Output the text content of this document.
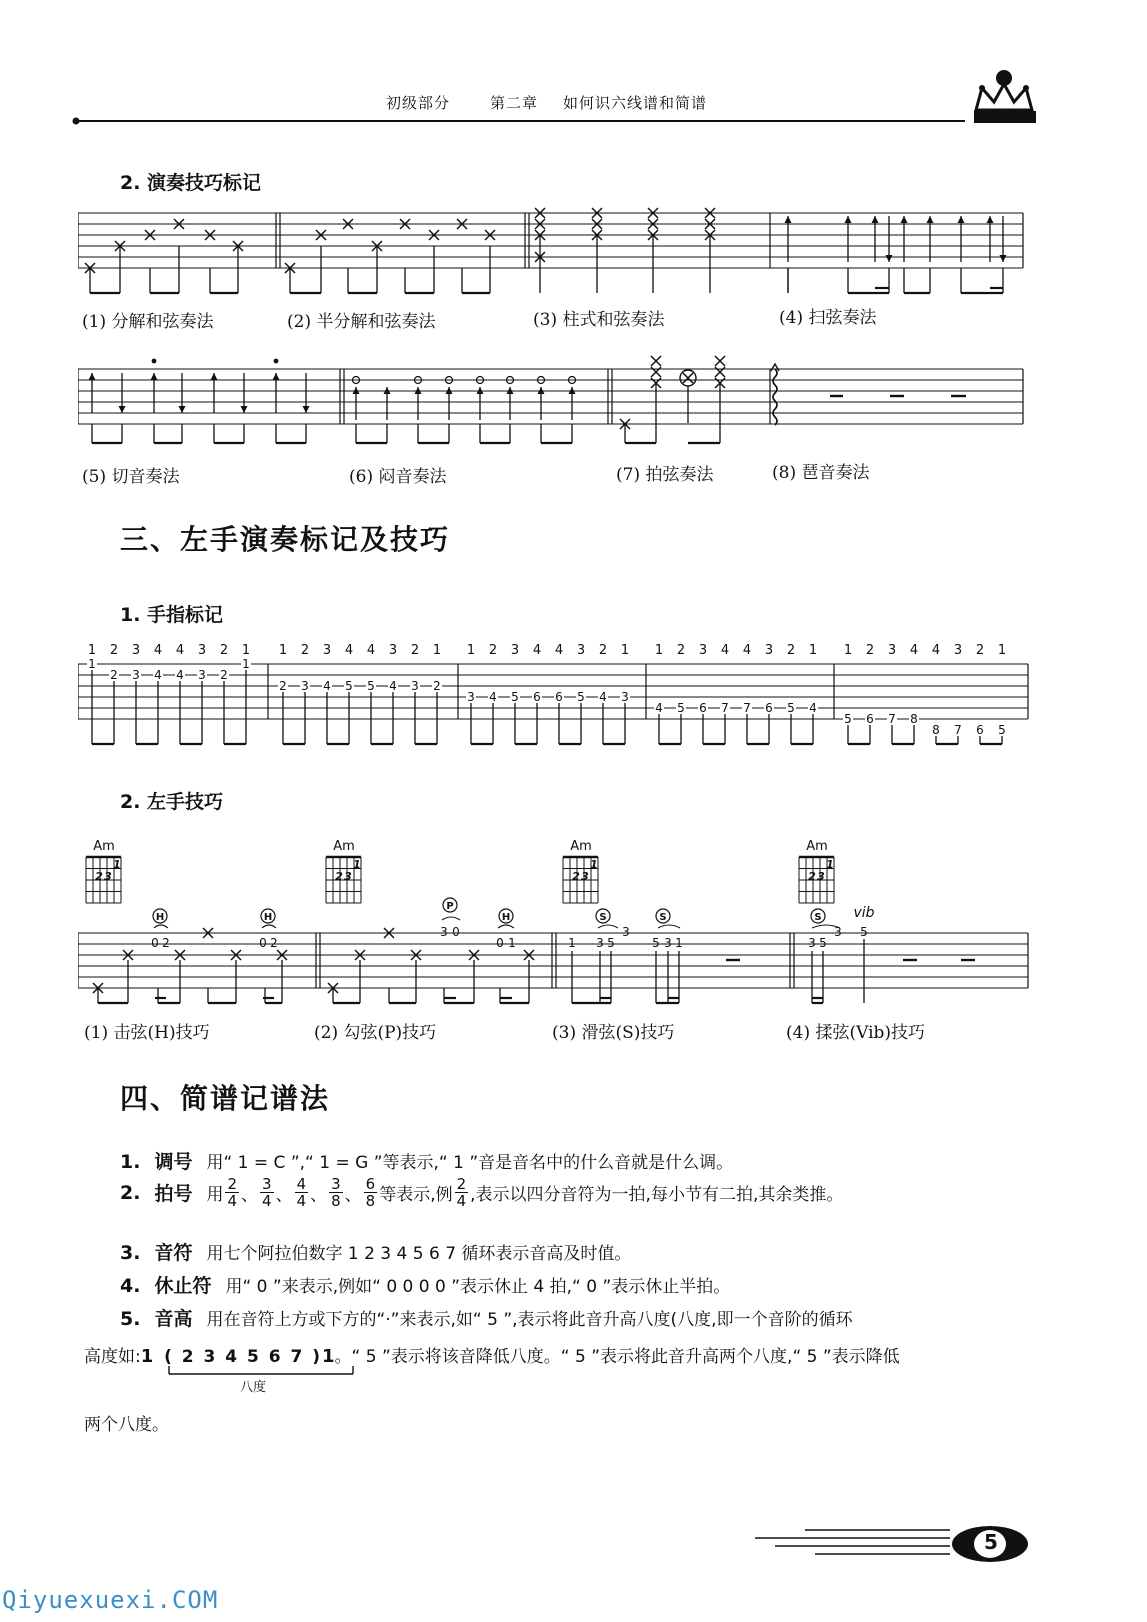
初级部分	第二章 如何识六线谱和简谱
2. 演奏技巧标记
(1) 分解和弦奏法	(2) 半分解和弦奏法	(3) 柱式和弦奏法	(4) 扫弦奏法
(5) 切音奏法	(6) 闷音奏法	(7) 拍弦奏法	(8) 琶音奏法
三、左手演奏标记及技巧
1. 手指标记
1 2 3 4 4 3 2 1
1
2 3 4 4 3 2
1
1 2 3 4 4 3 2 1
2 3 4 5 5 4 3 2
1 2 3 4 4 3 2 1
3 4 5 6 6 5 4 3
1 2 3 4 4 3 2 1
4 5 6 7 7 6 5 4
1 2 3 4 4 3 2 1
5 6 7 8
8 7 6 5
2. 左手技巧
Am
1
2 3
Am
1
2 3
Am
1
2 3
Am
1
2 3
H
0 2
H
0 2
P
3 0
H
0 1	1
S
3 5
3
S
5 3 1
S
3 5
3
vib
5
(1) 击弦(H)技巧	(2) 勾弦(P)技巧	(3) 滑弦(S)技巧	(4) 揉弦(Vib)技巧
四、简谱记谱法
1. 调号 用“ 1 = C ”,“ 1 = G ”等表示,“ 1 ”音是音名中的什么音就是什么调。
2. 拍号 用 $\frac{2}{4}$ 、 $\frac{3}{4}$ 、 $\frac{4}{4}$ 、 $\frac{3}{8}$ 、 $\frac{6}{8}$ 等表示,例 $\frac{2}{4}$ ,表示以四分音符为一拍,每小节有二拍,其余类推。
3. 音符 用七个阿拉伯数字 1 2 3 4 5 6 7 循环表示音高及时值。
4. 休止符 用“ 0 ”来表示,例如“ 0 0 0 0 ”表示休止 4 拍,“ 0 ”表示休止半拍。
5. 音高 用在音符上方或下方的“·”来表示,如“ 5 ”,表示将此音升高八度(八度,即一个音阶的循环
高度如:1 ( 2 3 4 5 6 7 )1。“ 5 ”表示将该音降低八度。“ 5 ”表示将此音升高两个八度,“ 5 ”表示降低
八度
两个八度。
5
Qiyuexuexi.COM
